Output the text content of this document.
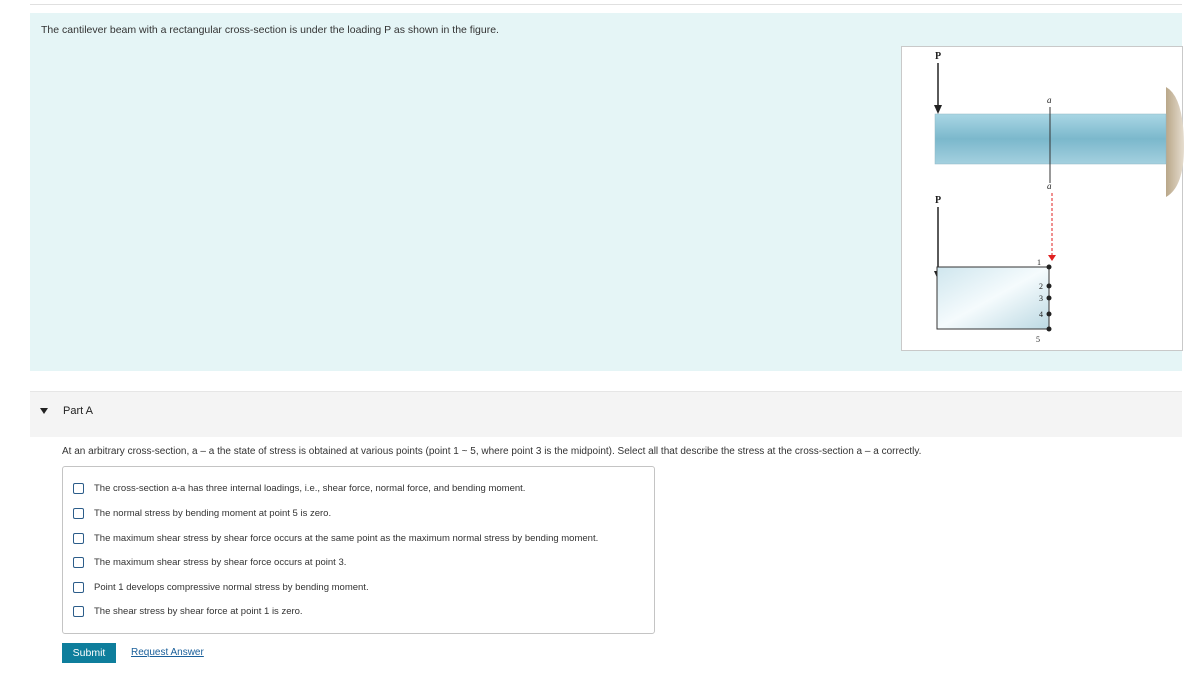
The cantilever beam with a rectangular cross-section is under the loading P as shown in the figure.
P
a
a
P
1
2
3
4
5
Part A
At an arbitrary cross-section, a – a the state of stress is obtained at various points (point 1 ~ 5, where point 3 is the midpoint). Select all that describe the stress at the cross-section a – a correctly.
The cross-section a-a has three internal loadings, i.e., shear force, normal force, and bending moment.
The normal stress by bending moment at point 5 is zero.
The maximum shear stress by shear force occurs at the same point as the maximum normal stress by bending moment.
The maximum shear stress by shear force occurs at point 3.
Point 1 develops compressive normal stress by bending moment.
The shear stress by shear force at point 1 is zero.
Submit	Request Answer
